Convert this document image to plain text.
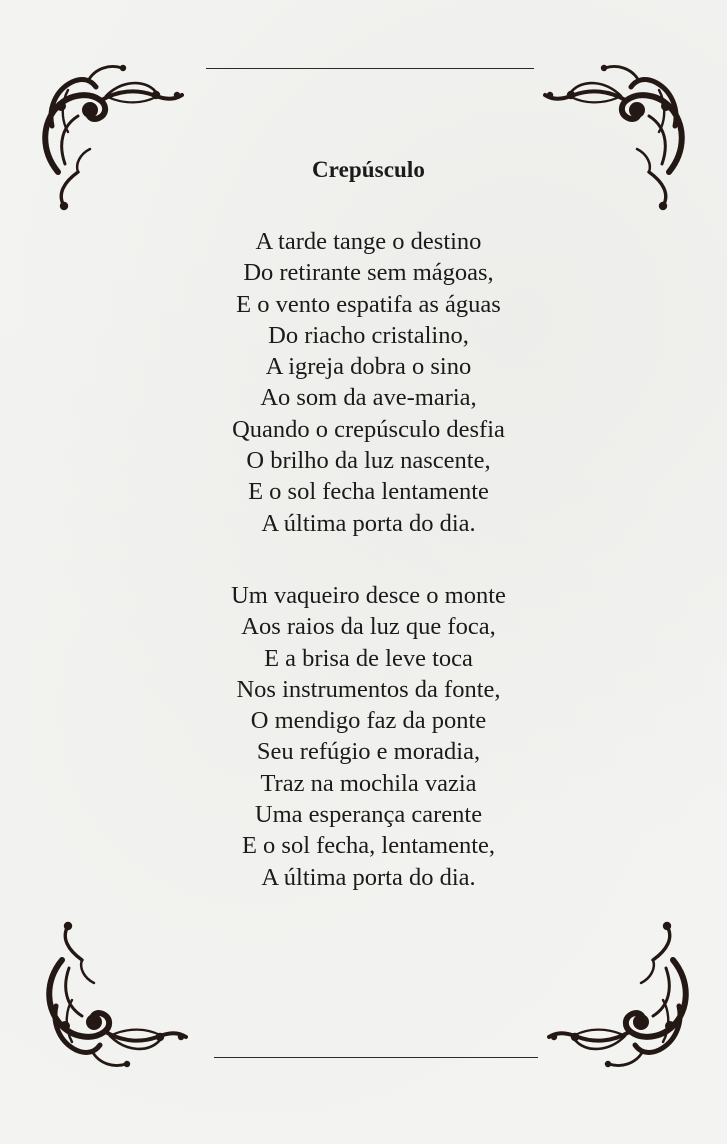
Crepúsculo
A tarde tange o destino
Do retirante sem mágoas,
E o vento espatifa as águas
Do riacho cristalino,
A igreja dobra o sino
Ao som da ave-maria,
Quando o crepúsculo desfia
O brilho da luz nascente,
E o sol fecha lentamente
A última porta do dia.
Um vaqueiro desce o monte
Aos raios da luz que foca,
E a brisa de leve toca
Nos instrumentos da fonte,
O mendigo faz da ponte
Seu refúgio e moradia,
Traz na mochila vazia
Uma esperança carente
E o sol fecha, lentamente,
A última porta do dia.
